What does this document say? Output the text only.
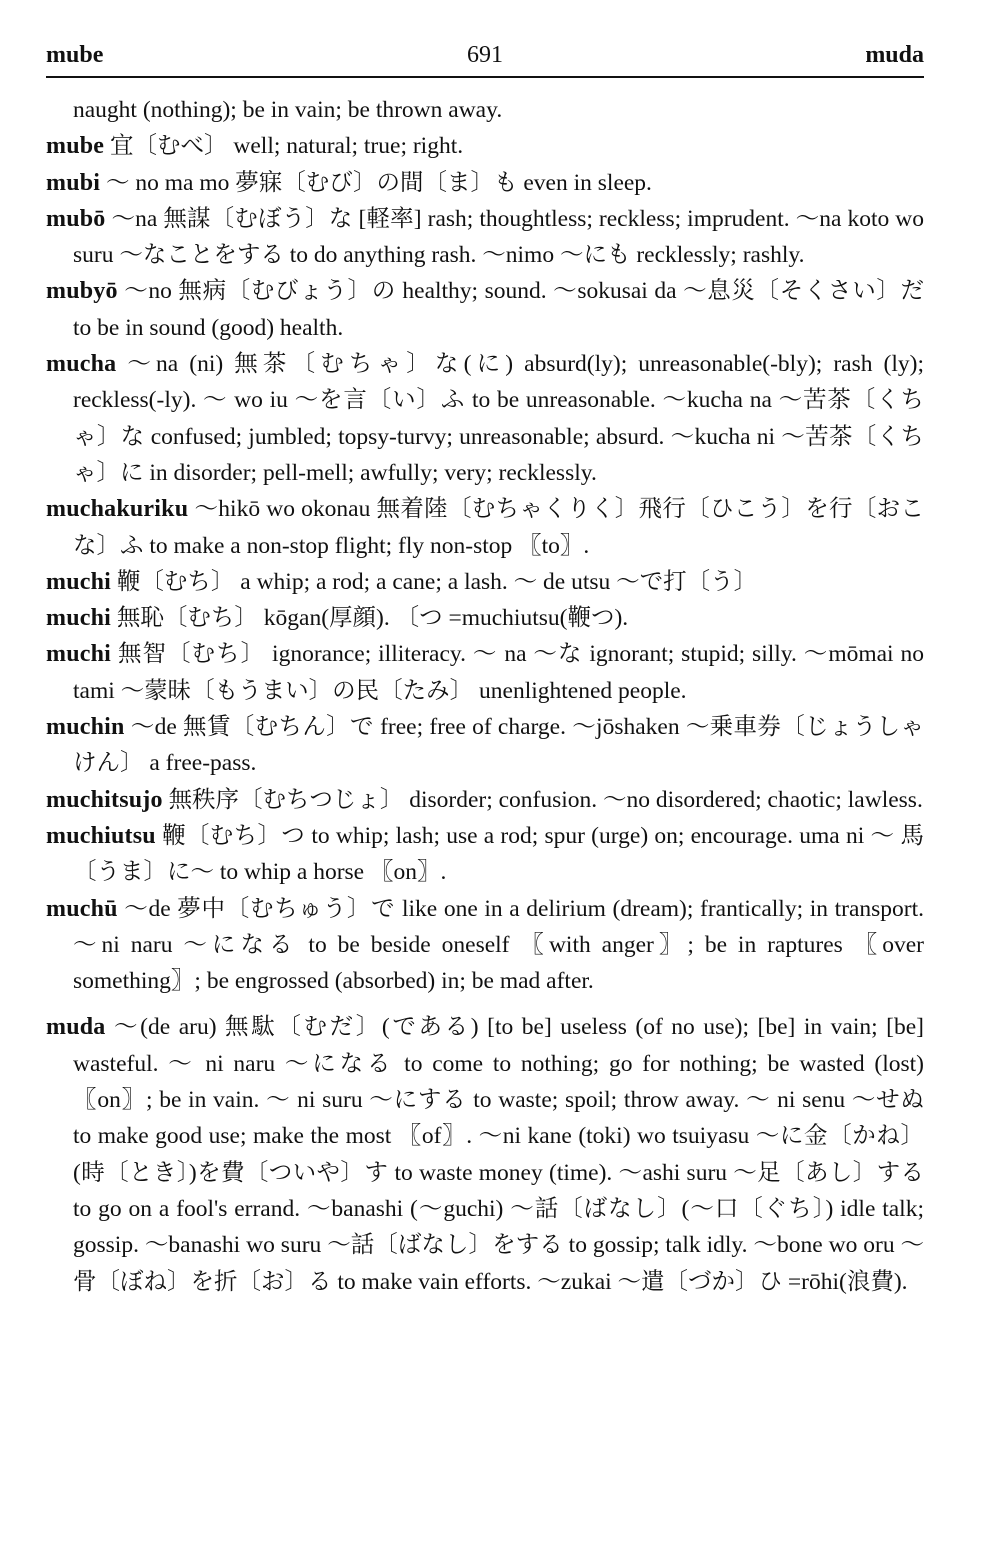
mube	691	muda

naught (nothing); be in vain; be thrown away.

mube 宜〔むべ〕 well; natural; true; right.

mubi ～ no ma mo 夢寐〔むび〕の間〔ま〕も even in sleep.

mubō ～na 無謀〔むぼう〕な [軽率] rash; thoughtless; reckless; imprudent. ～na koto wo suru ～なことをする to do anything rash. ～nimo ～にも recklessly; rashly.

mubyō ～no 無病〔むびょう〕の healthy; sound. ～sokusai da ～息災〔そくさい〕だ to be in sound (good) health.

mucha ～na (ni) 無茶〔むちゃ〕な(に) absurd(ly); unreasonable(-bly); rash (ly); reckless(-ly). ～ wo iu ～を言〔い〕ふ to be unreasonable. ～kucha na ～苦茶〔くちゃ〕な confused; jumbled; topsy-turvy; unreasonable; absurd. ～kucha ni ～苦茶〔くちゃ〕に in disorder; pell-mell; awfully; very; recklessly.

muchakuriku ～hikō wo okonau 無着陸〔むちゃくりく〕飛行〔ひこう〕を行〔おこな〕ふ to make a non-stop flight; fly non-stop 〖to〗.

muchi 鞭〔むち〕 a whip; a rod; a cane; a lash. ～ de utsu ～で打〔う〕

muchi 無恥〔むち〕 kōgan(厚顔). 〔つ =muchiutsu(鞭つ).

muchi 無智〔むち〕 ignorance; illiteracy. ～ na ～な ignorant; stupid; silly. ～mōmai no tami ～蒙昧〔もうまい〕の民〔たみ〕 unenlightened people.

muchin ～de 無賃〔むちん〕で free; free of charge. ～jōshaken ～乗車券〔じょうしゃけん〕 a free-pass.

muchitsujo 無秩序〔むちつじょ〕 disorder; confusion. ～no disordered; chaotic; lawless.

muchiutsu 鞭〔むち〕つ to whip; lash; use a rod; spur (urge) on; encourage. uma ni ～ 馬〔うま〕に～ to whip a horse 〖on〗.

muchū ～de 夢中〔むちゅう〕で like one in a delirium (dream); frantically; in transport. ～ni naru ～になる to be beside oneself 〖with anger〗; be in raptures 〖over something〗; be engrossed (absorbed) in; be mad after.

muda ～(de aru) 無駄〔むだ〕(である) [to be] useless (of no use); [be] in vain; [be] wasteful. ～ ni naru ～になる to come to nothing; go for nothing; be wasted (lost) 〖on〗; be in vain. ～ ni suru ～にする to waste; spoil; throw away. ～ ni senu ～せぬ to make good use; make the most 〖of〗. ～ni kane (toki) wo tsuiyasu ～に金〔かね〕(時〔とき〕)を費〔ついや〕す to waste money (time). ～ashi suru ～足〔あし〕する to go on a fool's errand. ～banashi (～guchi) ～話〔ばなし〕(～口〔ぐち〕) idle talk; gossip. ～banashi wo suru ～話〔ばなし〕をする to gossip; talk idly. ～bone wo oru ～骨〔ぼね〕を折〔お〕る to make vain efforts. ～zukai ～遣〔づか〕ひ =rōhi(浪費).
